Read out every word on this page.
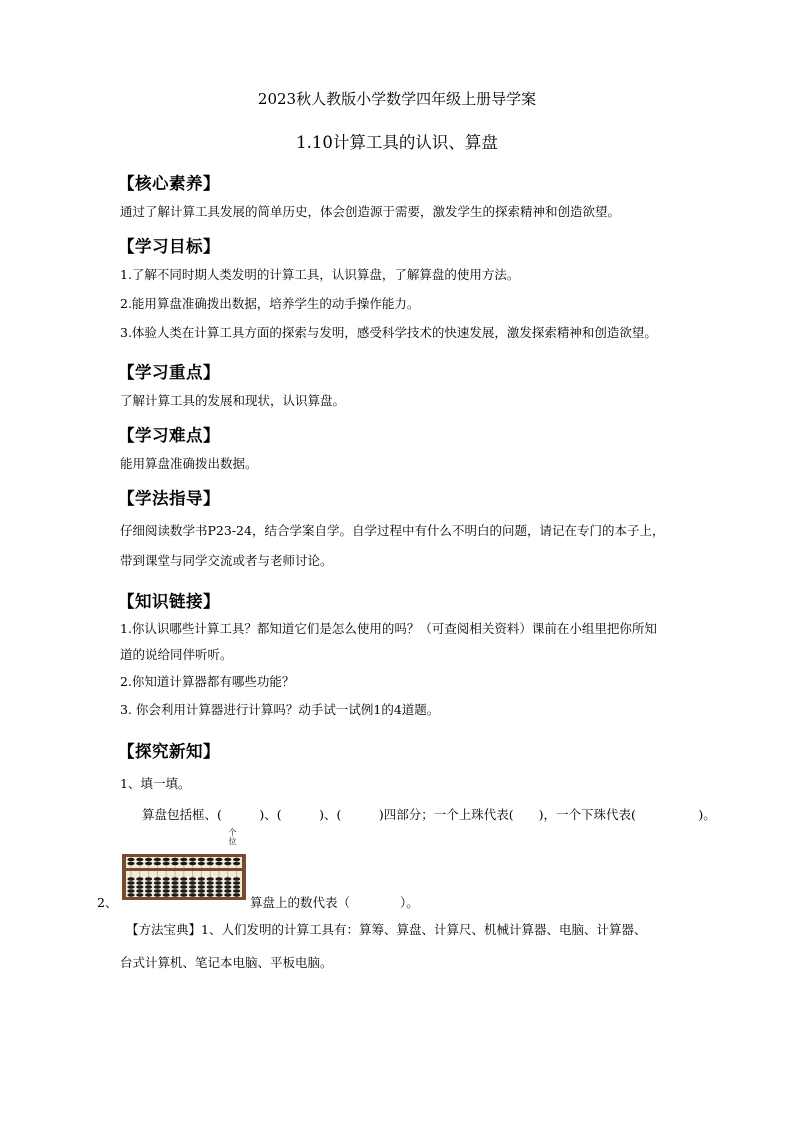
2023秋人教版小学数学四年级上册导学案
1.10计算工具的认识、算盘
【核心素养】
通过了解计算工具发展的简单历史，体会创造源于需要，激发学生的探索精神和创造欲望。
【学习目标】
1.了解不同时期人类发明的计算工具，认识算盘，了解算盘的使用方法。
2.能用算盘准确拨出数据，培养学生的动手操作能力。
3.体验人类在计算工具方面的探索与发明，感受科学技术的快速发展，激发探索精神和创造欲望。
【学习重点】
了解计算工具的发展和现状，认识算盘。
【学习难点】
能用算盘准确拨出数据。
【学法指导】
仔细阅读数学书P23-24，结合学案自学。自学过程中有什么不明白的问题，请记在专门的本子上，
带到课堂与同学交流或者与老师讨论。
【知识链接】
1.你认识哪些计算工具？都知道它们是怎么使用的吗？（可查阅相关资料）课前在小组里把你所知
道的说给同伴听听。
2.你知道计算器都有哪些功能？
3. 你会利用计算器进行计算吗？动手试一试例1的4道题。
【探究新知】
1、填一填。
算盘包括框、(　　　)、(　　　)、(　　　)四部分；一个上珠代表(　　)，一个下珠代表(　　　　　)。
个位
2、	算盘上的数代表（　　　　）。
【方法宝典】1、人们发明的计算工具有：算筹、算盘、计算尺、机械计算器、电脑、计算器、
台式计算机、笔记本电脑、平板电脑。
